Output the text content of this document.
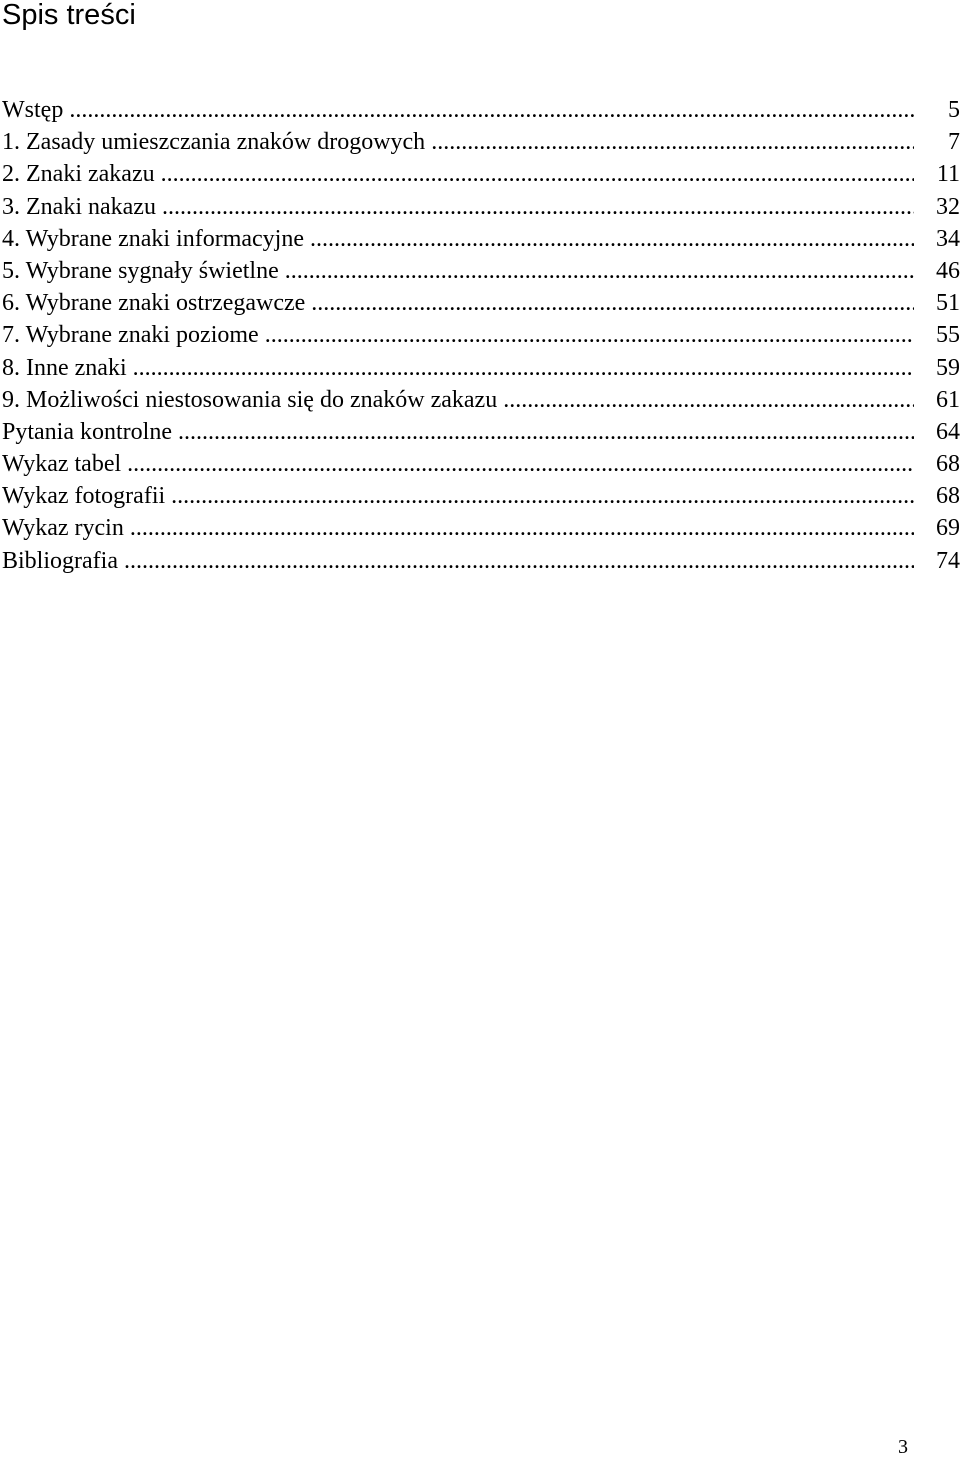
Spis treści
Wstęp .....	5
1. Zasady umieszczania znaków drogowych .....	7
2. Znaki zakazu .....	11
3. Znaki nakazu .....	32
4. Wybrane znaki informacyjne .....	34
5. Wybrane sygnały świetlne .....	46
6. Wybrane znaki ostrzegawcze .....	51
7. Wybrane znaki poziome .....	55
8. Inne znaki .....	59
9. Możliwości niestosowania się do znaków zakazu .....	61
Pytania kontrolne .....	64
Wykaz tabel .....	68
Wykaz fotografii .....	68
Wykaz rycin .....	69
Bibliografia .....	74
3
